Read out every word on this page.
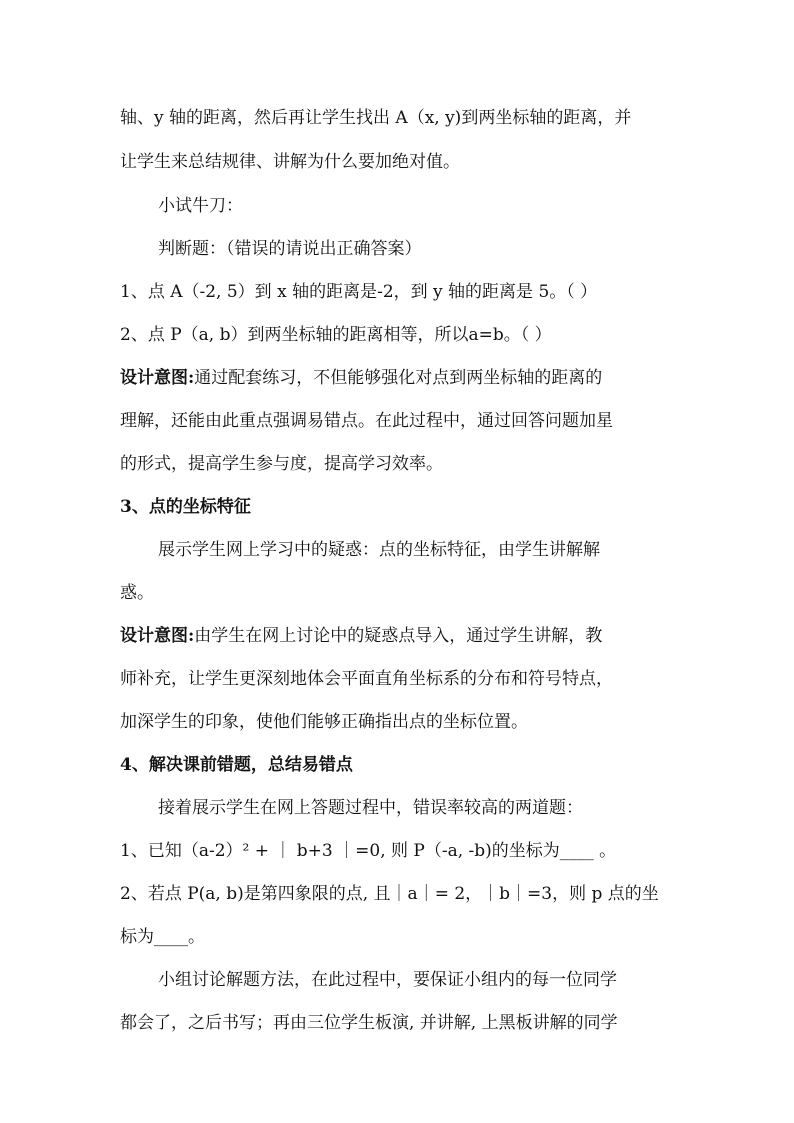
轴、y 轴的距离，然后再让学生找出 A（x, y)到两坐标轴的距离，并
让学生来总结规律、讲解为什么要加绝对值。
小试牛刀：
判断题：（错误的请说出正确答案）
1、点 A（-2, 5）到 x 轴的距离是-2，到 y 轴的距离是 5。（ ）
2、点 P（a, b）到两坐标轴的距离相等，所以a=b。（ ）
设计意图:通过配套练习，不但能够强化对点到两坐标轴的距离的
理解，还能由此重点强调易错点。在此过程中，通过回答问题加星
的形式，提高学生参与度，提高学习效率。
3、点的坐标特征
展示学生网上学习中的疑惑：点的坐标特征，由学生讲解解
惑。
设计意图:由学生在网上讨论中的疑惑点导入，通过学生讲解，教
师补充，让学生更深刻地体会平面直角坐标系的分布和符号特点，
加深学生的印象，使他们能够正确指出点的坐标位置。
4、解决课前错题，总结易错点
接着展示学生在网上答题过程中，错误率较高的两道题：
1、已知（a-2）² + ｜ b+3 ｜=0, 则 P（-a, -b)的坐标为____ 。
2、若点 P(a, b)是第四象限的点, 且｜a｜= 2，｜b｜=3，则 p 点的坐
标为____。
小组讨论解题方法，在此过程中，要保证小组内的每一位同学
都会了，之后书写；再由三位学生板演, 并讲解, 上黑板讲解的同学
